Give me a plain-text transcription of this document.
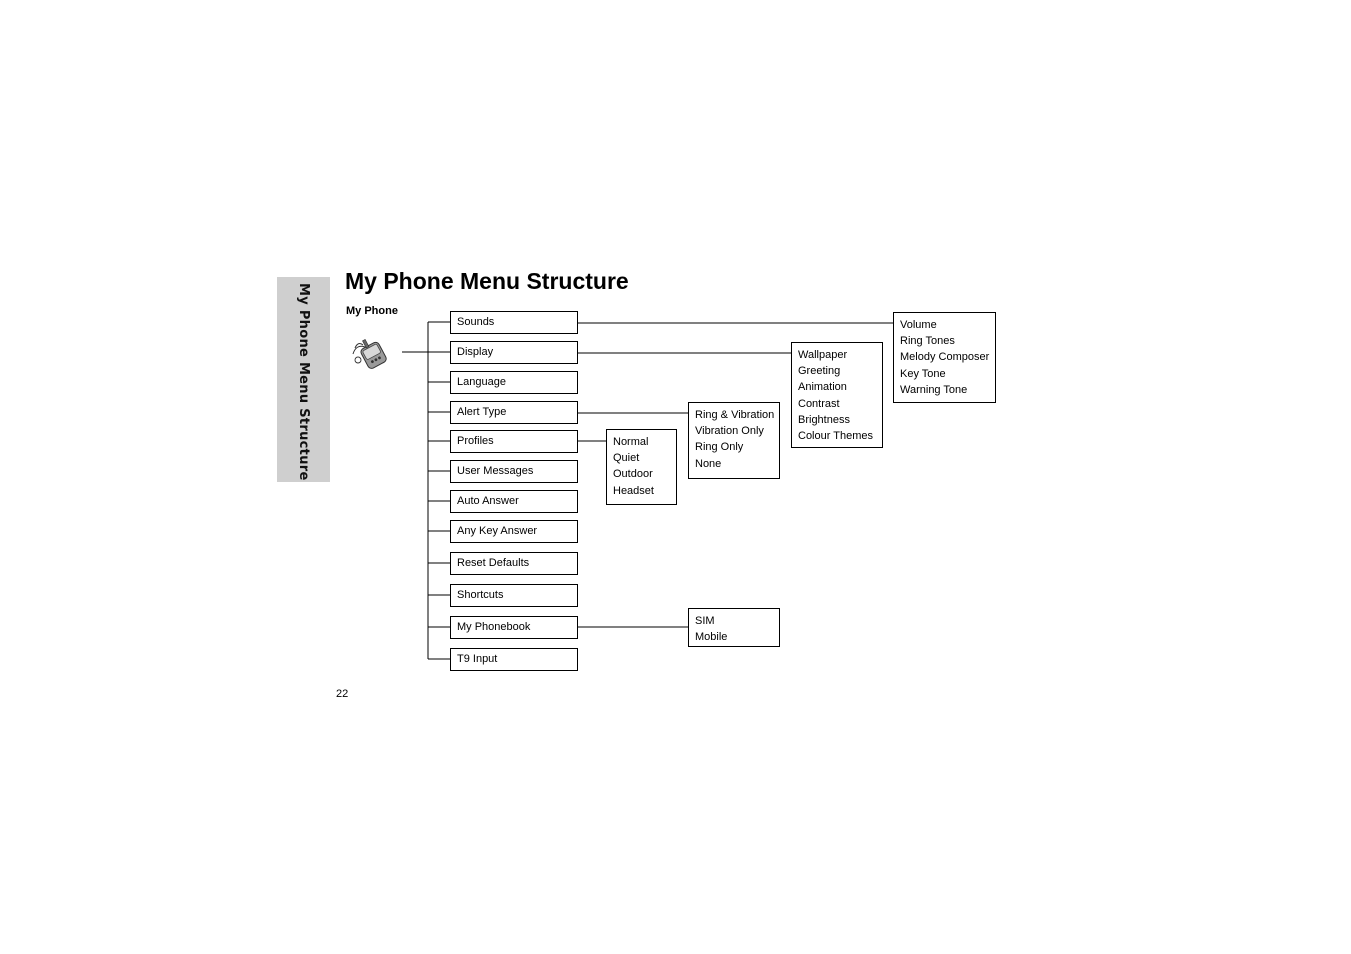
My Phone Menu Structure
My Phone Menu Structure
My Phone
Sounds
Display
Language
Alert Type
Profiles
User Messages
Auto Answer
Any Key Answer
Reset Defaults
Shortcuts
My Phonebook
T9 Input
Volume
Ring Tones
Melody Composer
Key Tone
Warning Tone
Wallpaper
Greeting
Animation
Contrast
Brightness
Colour Themes
Ring & Vibration
Vibration Only
Ring Only
None
Normal
Quiet
Outdoor
Headset
SIM
Mobile
22
